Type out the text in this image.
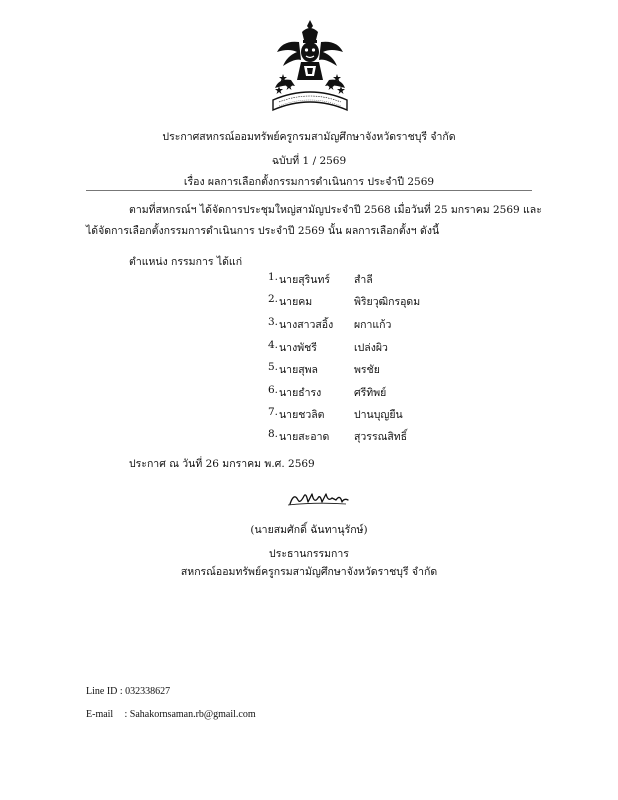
ประกาศสหกรณ์ออมทรัพย์ครูกรมสามัญศึกษาจังหวัดราชบุรี จำกัด
ฉบับที่ 1 / 2569
เรื่อง ผลการเลือกตั้งกรรมการดำเนินการ ประจำปี 2569
ตามที่สหกรณ์ฯ ได้จัดการประชุมใหญ่สามัญประจำปี 2568 เมื่อวันที่ 25 มกราคม 2569 และ
ได้จัดการเลือกตั้งกรรมการดำเนินการ ประจำปี 2569 นั้น ผลการเลือกตั้งฯ ดังนี้
ตำแหน่ง กรรมการ ได้แก่
1. นายสุรินทร์ สำลี
2. นายคม	พิริยวุฒิกรอุดม
3. นางสาวสอิ้ง ผกาแก้ว
4. นางพัชรี	เปล่งผิว
5. นายสุพล	พรชัย
6. นายธำรง	ศรีทิพย์
7. นายชวลิต	ปานบุญยืน
8. นายสะอาด สุวรรณสิทธิ์
ประกาศ ณ วันที่ 26 มกราคม พ.ศ. 2569
(นายสมศักดิ์ ฉันทานุรักษ์)
ประธานกรรมการ
สหกรณ์ออมทรัพย์ครูกรมสามัญศึกษาจังหวัดราชบุรี จำกัด
Line ID : 032338627
E-mail : Sahakornsaman.rb@gmail.com
